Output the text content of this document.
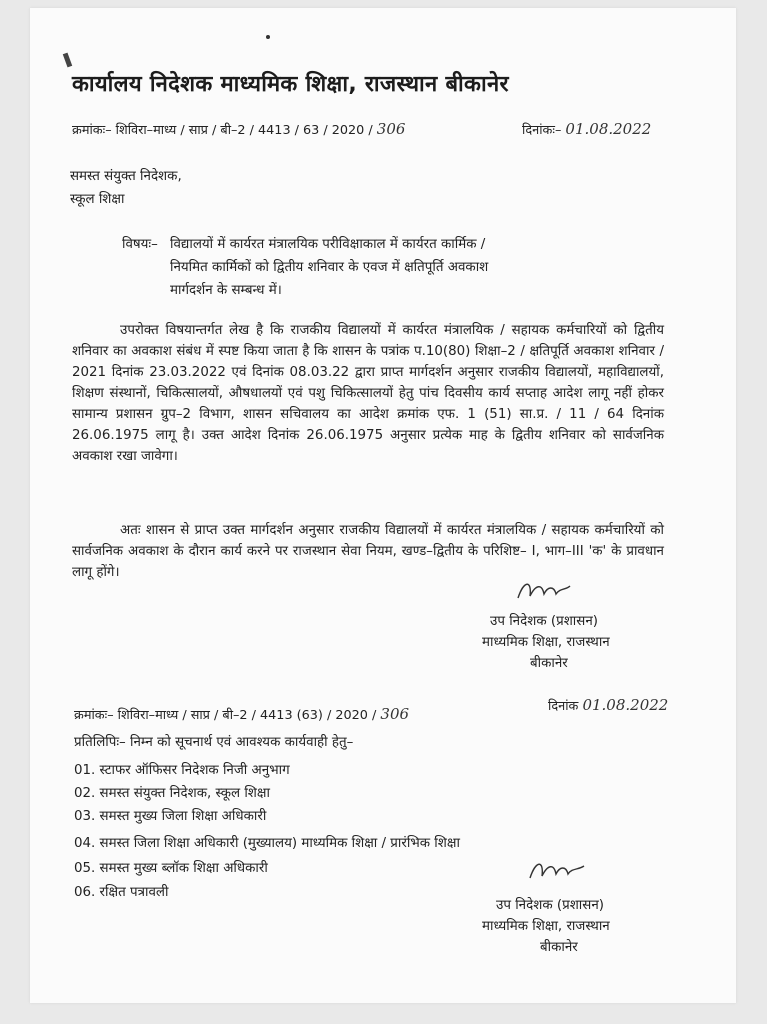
कार्यालय निदेशक माध्यमिक शिक्षा, राजस्थान बीकानेर
क्रमांकः– शिविरा–माध्य / साप्र / बी–2 / 4413 / 63 / 2020 / 306	दिनांकः– 01.08.2022
समस्त संयुक्त निदेशक,
स्कूल शिक्षा
विषयः– विद्यालयों में कार्यरत मंत्रालयिक परीविक्षाकाल में कार्यरत कार्मिक /
नियमित कार्मिकों को द्वितीय शनिवार के एवज में क्षतिपूर्ति अवकाश
मार्गदर्शन के सम्बन्ध में।
उपरोक्त विषयान्तर्गत लेख है कि राजकीय विद्यालयों में कार्यरत मंत्रालयिक / सहायक कर्मचारियों को द्वितीय शनिवार का अवकाश संबंध में स्पष्ट किया जाता है कि शासन के पत्रांक प.10(80) शिक्षा–2 / क्षतिपूर्ति अवकाश शनिवार / 2021 दिनांक 23.03.2022 एवं दिनांक 08.03.22 द्वारा प्राप्त मार्गदर्शन अनुसार राजकीय विद्यालयों, महाविद्यालयों, शिक्षण संस्थानों, चिकित्सालयों, औषधालयों एवं पशु चिकित्सालयों हेतु पांच दिवसीय कार्य सप्ताह आदेश लागू नहीं होकर सामान्य प्रशासन ग्रुप–2 विभाग, शासन सचिवालय का आदेश क्रमांक एफ. 1 (51) सा.प्र. / 11 / 64 दिनांक 26.06.1975 लागू है। उक्त आदेश दिनांक 26.06.1975 अनुसार प्रत्येक माह के द्वितीय शनिवार को सार्वजनिक अवकाश रखा जावेगा।
अतः शासन से प्राप्त उक्त मार्गदर्शन अनुसार राजकीय विद्यालयों में कार्यरत मंत्रालयिक / सहायक कर्मचारियों को सार्वजनिक अवकाश के दौरान कार्य करने पर राजस्थान सेवा नियम, खण्ड–द्वितीय के परिशिष्ट– I, भाग–III 'क' के प्रावधान लागू होंगे।
उप निदेशक (प्रशासन)
माध्यमिक शिक्षा, राजस्थान
बीकानेर
क्रमांकः– शिविरा–माध्य / साप्र / बी–2 / 4413 (63) / 2020 / 306	दिनांक 01.08.2022
प्रतिलिपिः– निम्न को सूचनार्थ एवं आवश्यक कार्यवाही हेतु–
01. स्टाफर ऑफिसर निदेशक निजी अनुभाग
02. समस्त संयुक्त निदेशक, स्कूल शिक्षा
03. समस्त मुख्य जिला शिक्षा अधिकारी
04. समस्त जिला शिक्षा अधिकारी (मुख्यालय) माध्यमिक शिक्षा / प्रारंभिक शिक्षा
05. समस्त मुख्य ब्लॉक शिक्षा अधिकारी
06. रक्षित पत्रावली
उप निदेशक (प्रशासन)
माध्यमिक शिक्षा, राजस्थान
बीकानेर
